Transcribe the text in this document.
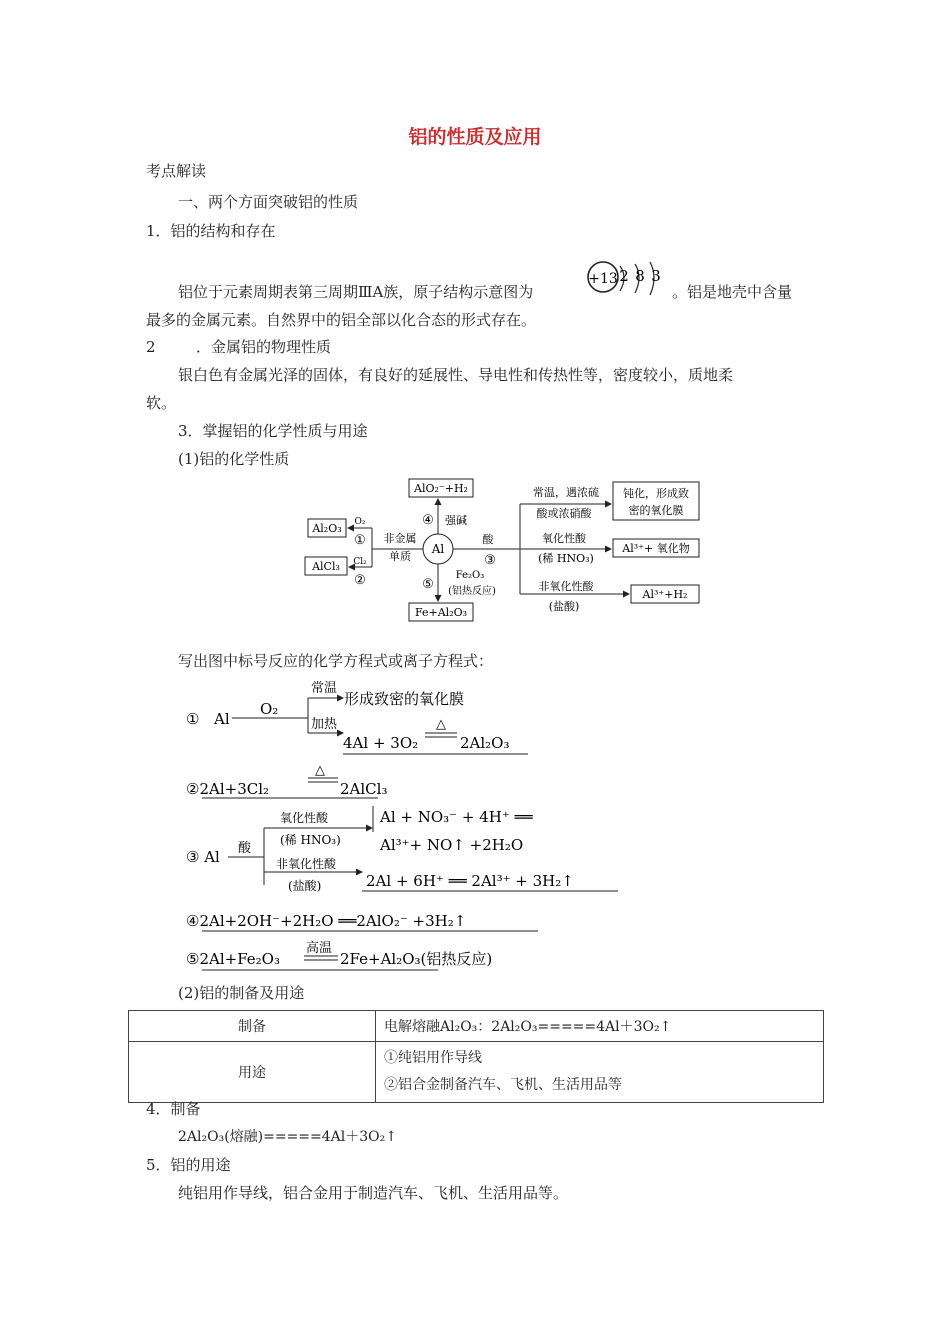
铝的性质及应用
考点解读
一、两个方面突破铝的性质
1．铝的结构和存在
铝位于元素周期表第三周期ⅢA族，原子结构示意图为
+13 2 8 3
。铝是地壳中含量
最多的金属元素。自然界中的铝全部以化合态的形式存在。
2	．金属铝的物理性质
银白色有金属光泽的固体，有良好的延展性、导电性和传热性等，密度较小，质地柔
软。
3．掌握铝的化学性质与用途
(1)铝的化学性质
Al
Al₂O₃
AlCl₃
O₂
①
Cl₂
②
非金属
单质
AlO₂⁻+H₂
④ 强碱
⑤
Fe₂O₃
(铝热反应)
Fe+Al₂O₃
酸
③
常温，遇浓硫
酸或浓硝酸
钝化，形成致
密的氧化膜
氧化性酸
(稀 HNO₃)
Al³⁺+ 氧化物
非氧化性酸
(盐酸)
Al³⁺+H₂
写出图中标号反应的化学方程式或离子方程式：
① Al
O₂
常温
形成致密的氧化膜
加热
4Al + 3O₂
△
2Al₂O₃
②2Al+3Cl₂
△
2AlCl₃
③ Al 酸
氧化性酸
(稀 HNO₃)
Al + NO₃⁻ + 4H⁺ ══
Al³⁺+ NO↑ +2H₂O
非氧化性酸
(盐酸)	2Al + 6H⁺ ══ 2Al³⁺ + 3H₂↑
④2Al+2OH⁻+2H₂O ══2AlO₂⁻ +3H₂↑
⑤2Al+Fe₂O₃
高温
2Fe+Al₂O₃(铝热反应)
(2)铝的制备及用途
制备	电解熔融Al₂O₃：2Al₂O₃=====4Al＋3O₂↑
用途	①纯铝用作导线
②铝合金制备汽车、飞机、生活用品等
4．制备
2Al₂O₃(熔融)=====4Al＋3O₂↑
5．铝的用途
纯铝用作导线，铝合金用于制造汽车、飞机、生活用品等。
